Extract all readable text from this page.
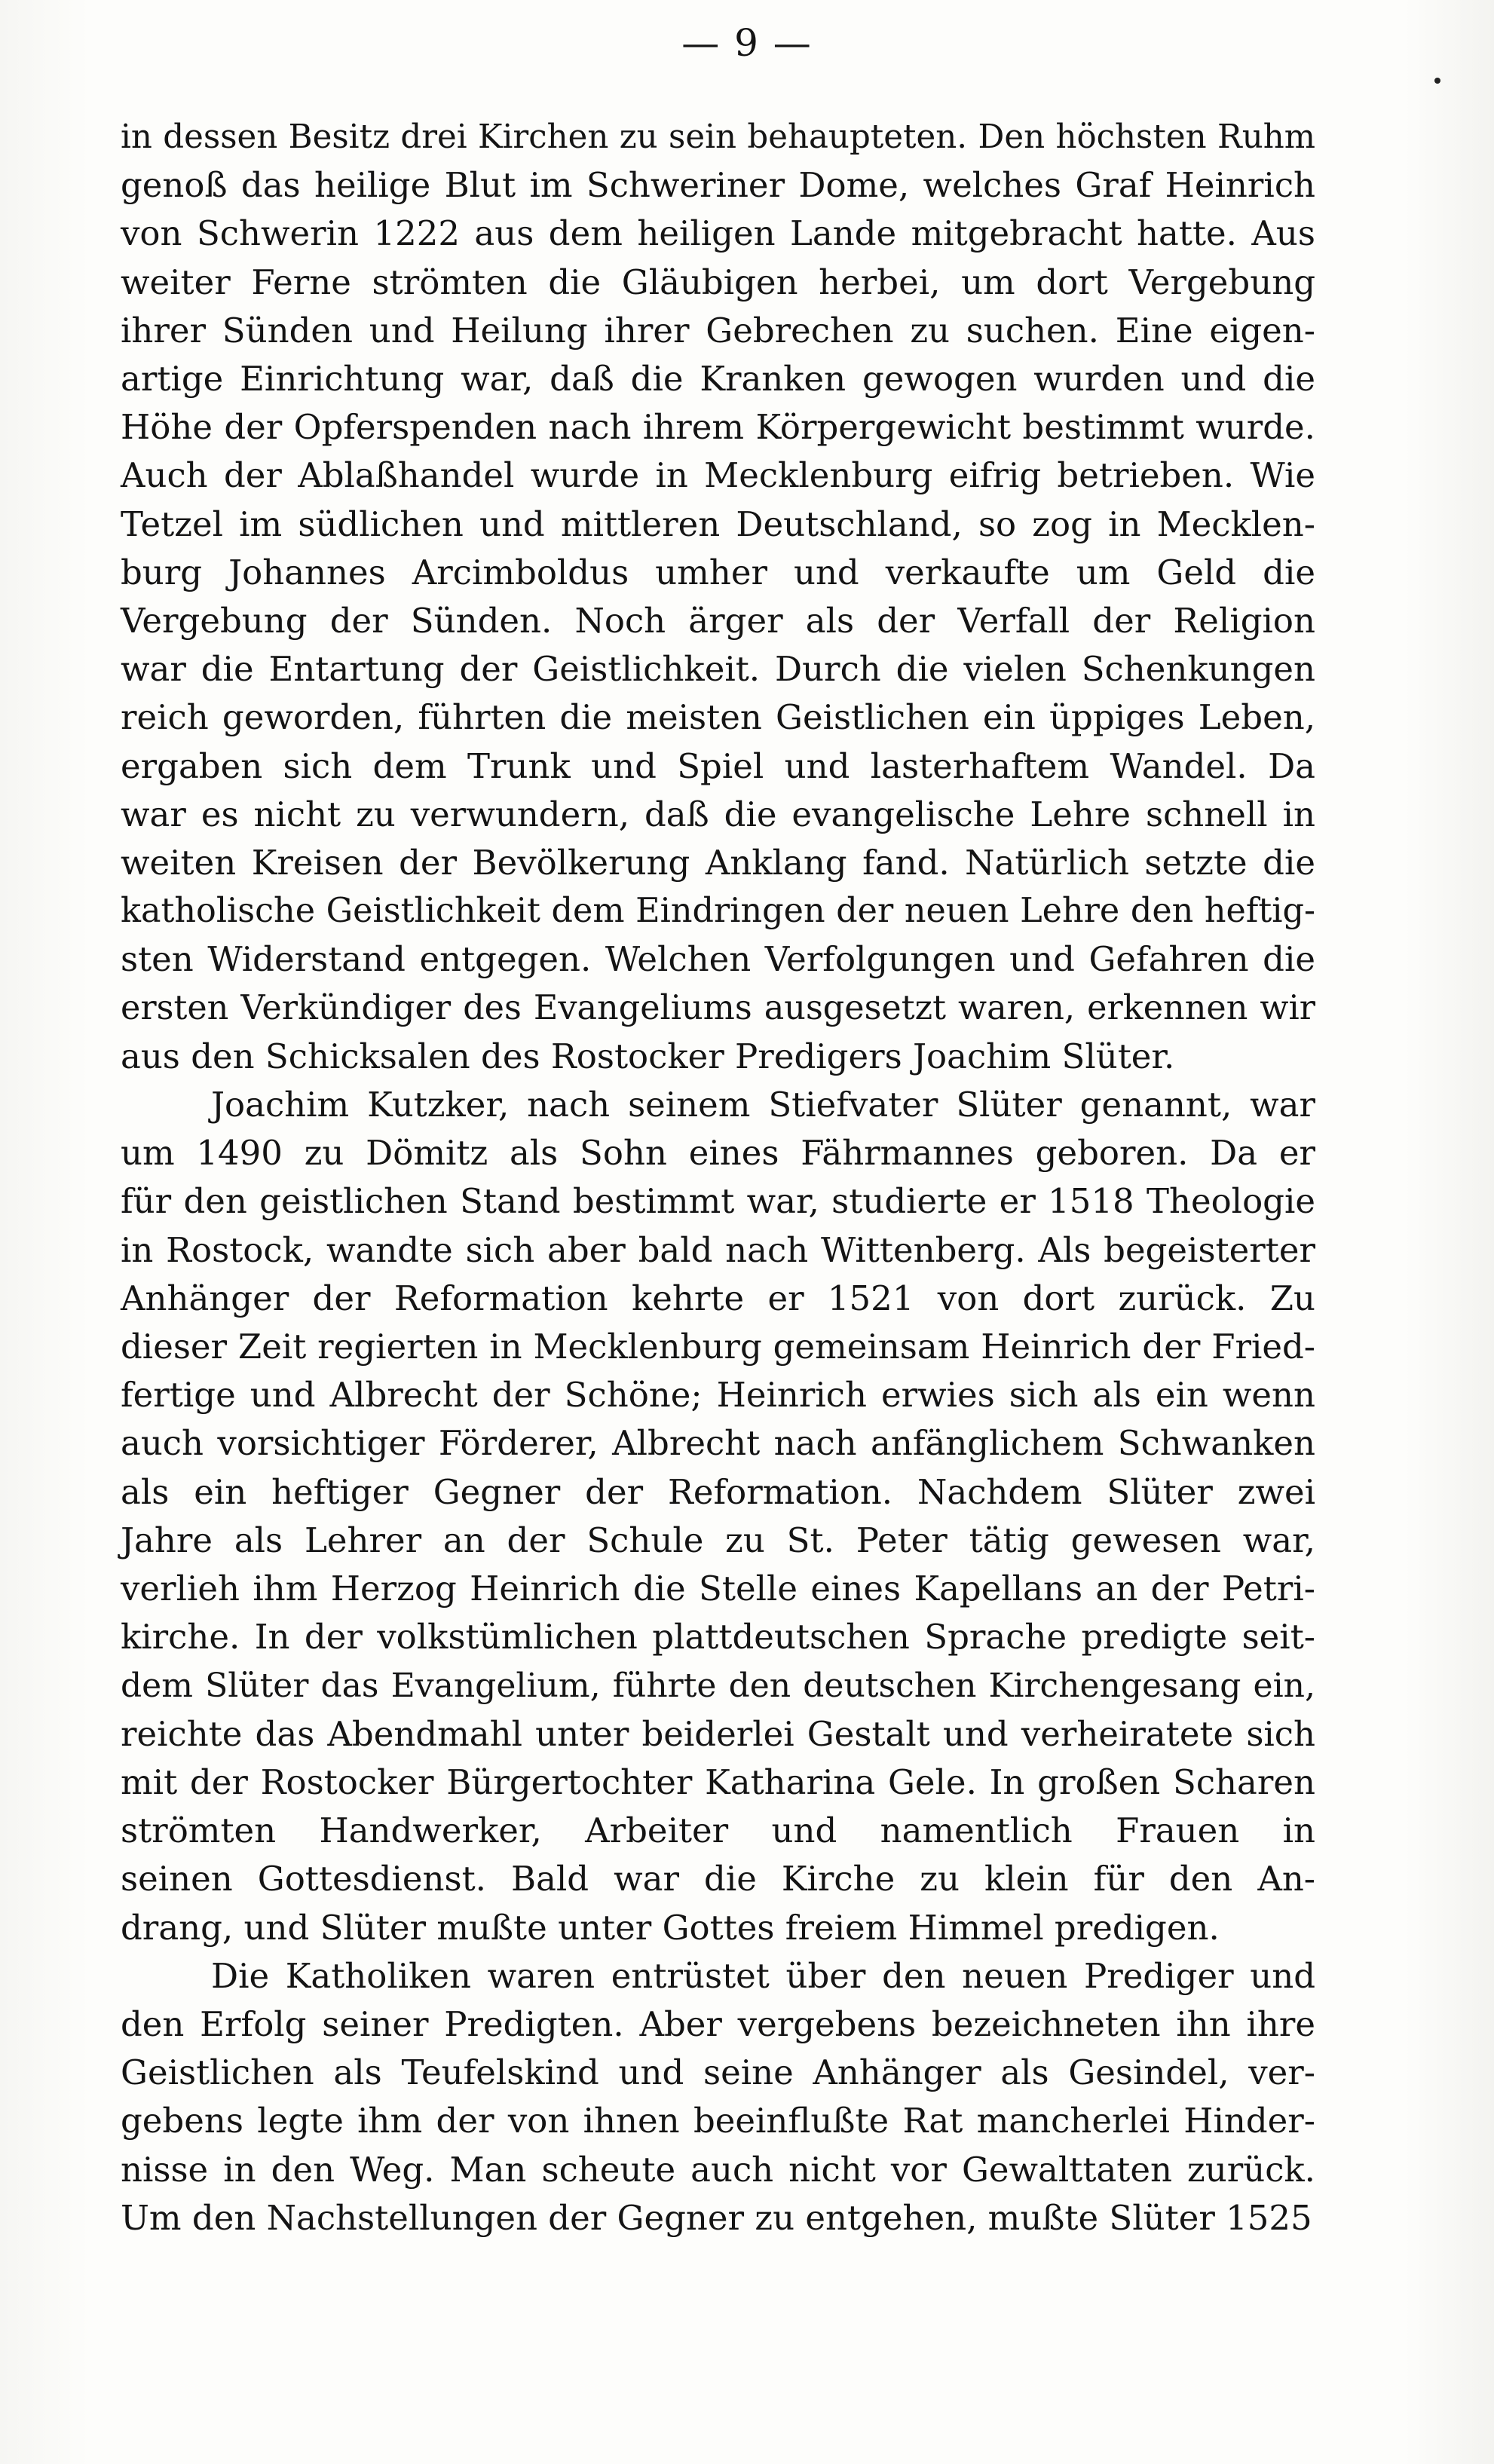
— 9 —
in dessen Besitz drei Kirchen zu sein behaupteten. Den höchsten Ruhm
genoß das heilige Blut im Schweriner Dome, welches Graf Heinrich
von Schwerin 1222 aus dem heiligen Lande mitgebracht hatte. Aus
weiter Ferne strömten die Gläubigen herbei, um dort Vergebung
ihrer Sünden und Heilung ihrer Gebrechen zu suchen. Eine eigen-
artige Einrichtung war, daß die Kranken gewogen wurden und die
Höhe der Opferspenden nach ihrem Körpergewicht bestimmt wurde.
Auch der Ablaßhandel wurde in Mecklenburg eifrig betrieben. Wie
Tetzel im südlichen und mittleren Deutschland, so zog in Mecklen-
burg Johannes Arcimboldus umher und verkaufte um Geld die
Vergebung der Sünden. Noch ärger als der Verfall der Religion
war die Entartung der Geistlichkeit. Durch die vielen Schenkungen
reich geworden, führten die meisten Geistlichen ein üppiges Leben,
ergaben sich dem Trunk und Spiel und lasterhaftem Wandel. Da
war es nicht zu verwundern, daß die evangelische Lehre schnell in
weiten Kreisen der Bevölkerung Anklang fand. Natürlich setzte die
katholische Geistlichkeit dem Eindringen der neuen Lehre den heftig-
sten Widerstand entgegen. Welchen Verfolgungen und Gefahren die
ersten Verkündiger des Evangeliums ausgesetzt waren, erkennen wir
aus den Schicksalen des Rostocker Predigers Joachim Slüter.
Joachim Kutzker, nach seinem Stiefvater Slüter genannt, war
um 1490 zu Dömitz als Sohn eines Fährmannes geboren. Da er
für den geistlichen Stand bestimmt war, studierte er 1518 Theologie
in Rostock, wandte sich aber bald nach Wittenberg. Als begeisterter
Anhänger der Reformation kehrte er 1521 von dort zurück. Zu
dieser Zeit regierten in Mecklenburg gemeinsam Heinrich der Fried-
fertige und Albrecht der Schöne; Heinrich erwies sich als ein wenn
auch vorsichtiger Förderer, Albrecht nach anfänglichem Schwanken
als ein heftiger Gegner der Reformation. Nachdem Slüter zwei
Jahre als Lehrer an der Schule zu St. Peter tätig gewesen war,
verlieh ihm Herzog Heinrich die Stelle eines Kapellans an der Petri-
kirche. In der volkstümlichen plattdeutschen Sprache predigte seit-
dem Slüter das Evangelium, führte den deutschen Kirchengesang ein,
reichte das Abendmahl unter beiderlei Gestalt und verheiratete sich
mit der Rostocker Bürgertochter Katharina Gele. In großen Scharen
strömten Handwerker, Arbeiter und namentlich Frauen in
seinen Gottesdienst. Bald war die Kirche zu klein für den An-
drang, und Slüter mußte unter Gottes freiem Himmel predigen.
Die Katholiken waren entrüstet über den neuen Prediger und
den Erfolg seiner Predigten. Aber vergebens bezeichneten ihn ihre
Geistlichen als Teufelskind und seine Anhänger als Gesindel, ver-
gebens legte ihm der von ihnen beeinflußte Rat mancherlei Hinder-
nisse in den Weg. Man scheute auch nicht vor Gewalttaten zurück.
Um den Nachstellungen der Gegner zu entgehen, mußte Slüter 1525
